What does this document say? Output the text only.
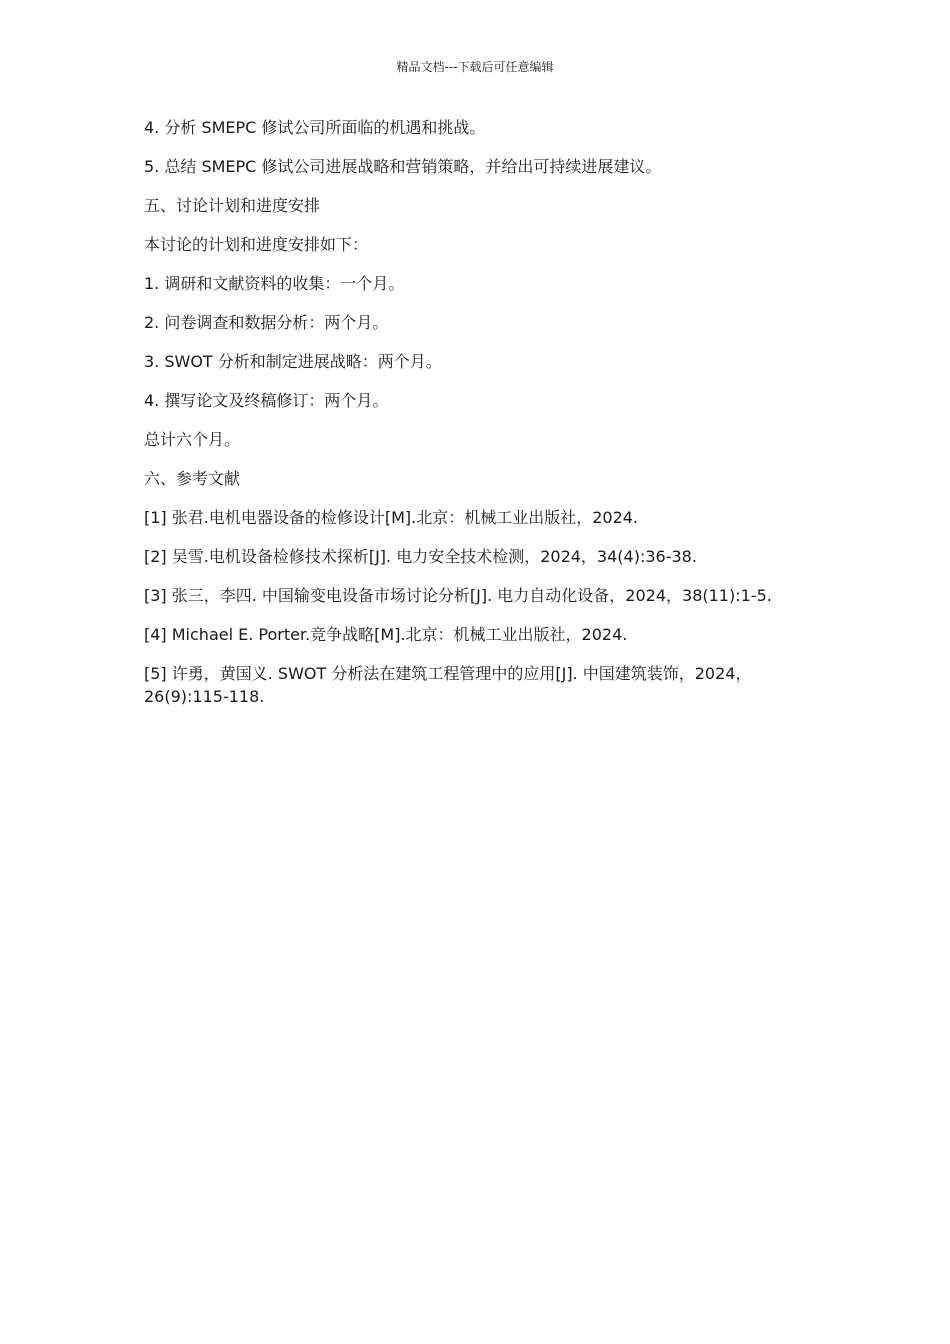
精品文档---下载后可任意编辑

4. 分析 SMEPC 修试公司所面临的机遇和挑战。

5. 总结 SMEPC 修试公司进展战略和营销策略，并给出可持续进展建议。

五、讨论计划和进度安排

本讨论的计划和进度安排如下：

1. 调研和文献资料的收集：一个月。

2. 问卷调查和数据分析：两个月。

3. SWOT 分析和制定进展战略：两个月。

4. 撰写论文及终稿修订：两个月。

总计六个月。

六、参考文献

[1] 张君.电机电器设备的检修设计[M].北京：机械工业出版社，2024.

[2] 吴雪.电机设备检修技术探析[J]. 电力安全技术检测，2024，34(4):36-38.

[3] 张三，李四. 中国输变电设备市场讨论分析[J]. 电力自动化设备，2024，38(11):1-5.

[4] Michael E. Porter.竞争战略[M].北京：机械工业出版社，2024.

[5] 许勇，黄国义. SWOT 分析法在建筑工程管理中的应用[J]. 中国建筑装饰，2024，26(9):115-118.
